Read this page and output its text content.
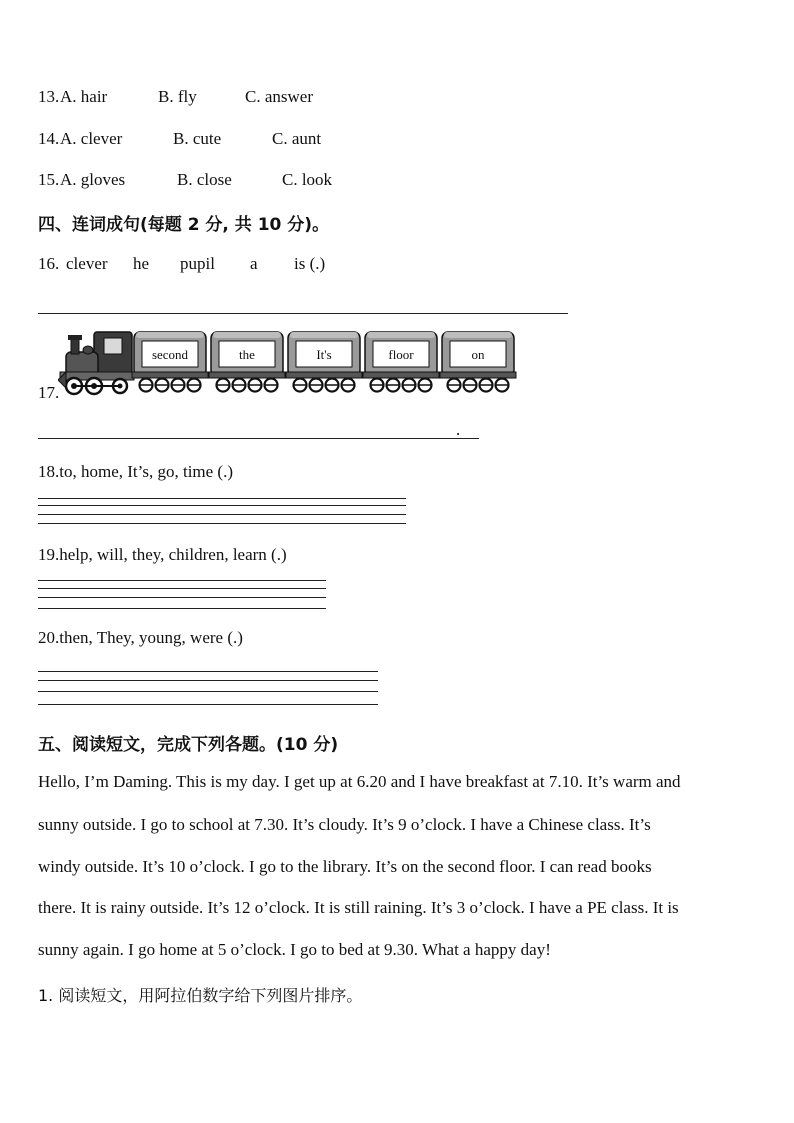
13. A. hair	B. fly	C. answer
14. A. clever	B. cute	C. aunt
15. A. gloves	B. close	C. look
四、连词成句(每题 2 分, 共 10 分)。
16. clever he pupil a is (.)
17.
second	the	It's	floor	on
.
18.to, home, It’s, go, time (.)
19.help, will, they, children, learn (.)
20.then, They, young, were (.)
五、阅读短文，完成下列各题。(10 分)
Hello, I’m Daming. This is my day. I get up at 6.20 and I have breakfast at 7.10. It’s warm and
sunny outside. I go to school at 7.30. It’s cloudy. It’s 9 o’clock. I have a Chinese class. It’s
windy outside. It’s 10 o’clock. I go to the library. It’s on the second floor. I can read books
there. It is rainy outside. It’s 12 o’clock. It is still raining. It’s 3 o’clock. I have a PE class. It is
sunny again. I go home at 5 o’clock. I go to bed at 9.30. What a happy day!
1. 阅读短文，用阿拉伯数字给下列图片排序。
